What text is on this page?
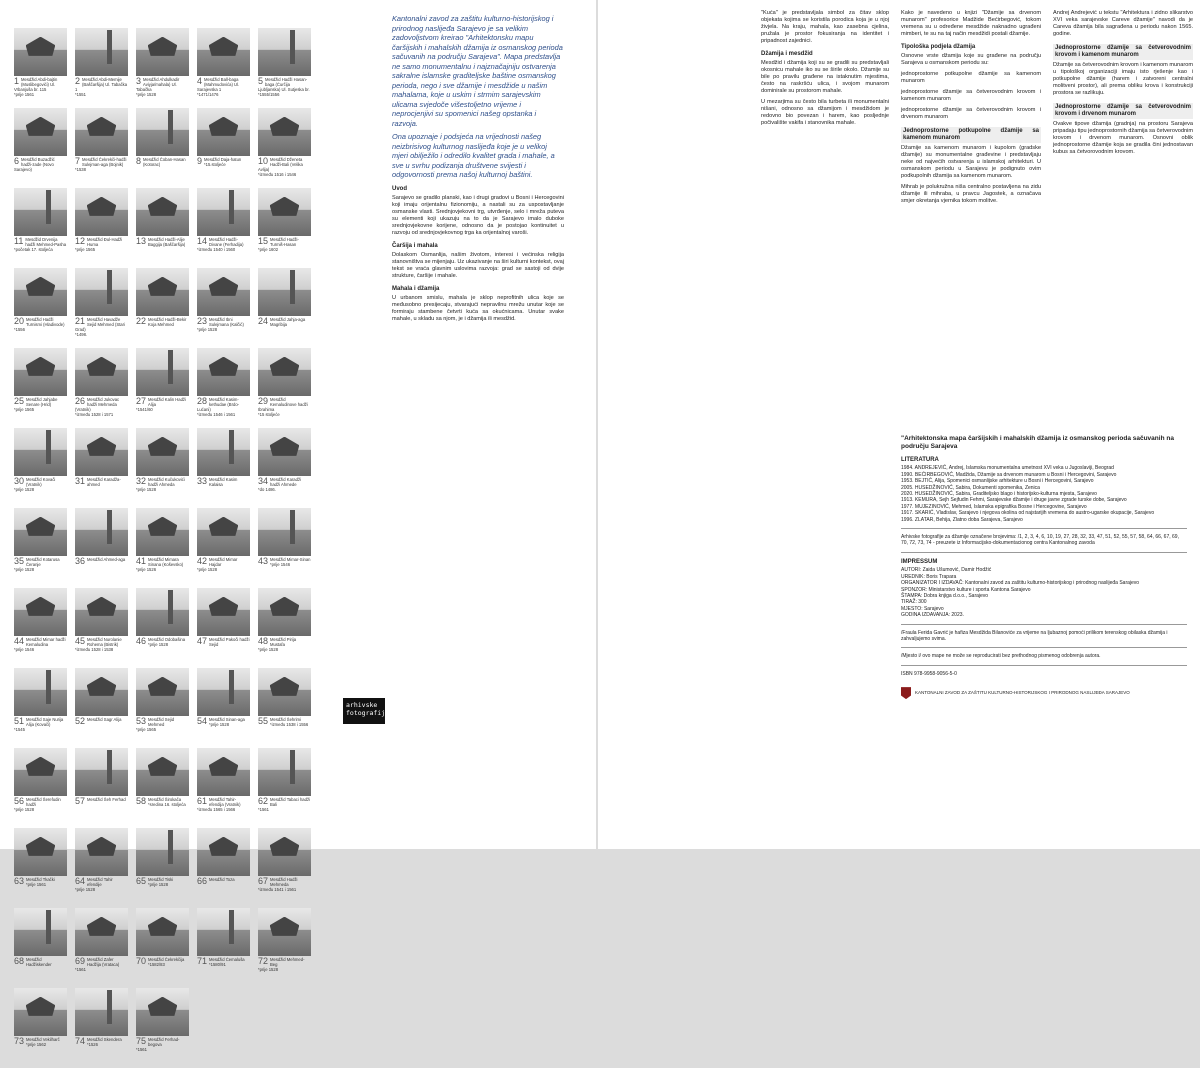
1 Mesdžid Abdi-bajtin (Muslibegovići) Ul. Vrbanjuša br. 115
*prije 1561
2 Mesdžid Abdi-Memije (Baščaršija) Ul. Tabačka 1
*1551
3 Mesdžid Ahdulkadir Aviyja/mahala) Ul. Tabačka
*prije 1528
4 Mesdžid Ball-baga (Mahmudovića) Ul. Sarajevska 1
*1471/1476
5 Mesdžid Hadži Hasan-baga (Ćurčija Ljubljanska) Ul. Sutjeska br.
*1555/1556
6 Mesdžid Buzadžić hadži-zade (Novo Sarajevo)
7 Mesdžid Čekrekči-hadži Sulejman-aga (Bojnik)
*1538
8 Mesdžid Čoban-Hasan (Kotorac)	9 Mesdžid Daja-hatun
*15.stoljeće	10 Mesdžid Dženeta Hadži-Bali (Velika Avlija)
*između 1516 i 1546
11 Mesdžid Drvenija hadži Mehmed-Pasha
*početak 17. stoljeća
12 Mesdžid Đul-Hadži Huma
*prije 1565
13 Mesdžid Hadži-Alije Baggija (Baščaršija)	14 Mesdžid Hadži-Divane (Ferhadija)
*između 1540 i 1560
15 Mesdžid Hadži-Turmiš-Hasan
*prije 1602
20 Mesdžid Hadži Turnismi (Hladivode)
*1556
21 Mesdžid Havadže Sejid Mehmed (Stari Grad)
*1498.
22 Mesdžid Hadži-Bekir Koja Mehmed	23 Mesdžid Ibni Sulejmana (Kalčić)
*prije 1528
24 Mesdžid Jahja-aga Magribija
25 Mesdžid Jahjabe Senare (Hrid)
*prije 1565
26 Mesdžid Jukovac hadži Mehmeda (Vratnik)
*između 1528 i 1571
27 Mesdžid Kalin Hadži Alija
*1541/60
28 Mesdžid Kasim-kethudae (Brdo-Lućani)
*između 1546 i 1561
29 Mesdžid Kemaludinove hadži Ibrahima
*15 stoljeće
30 Mesdžid Kovači (Vratnik)
*prije 1528
31 Mesdžid Karadža-ahmed	32 Mesdžid Kučukovići hadži Ahmeda
*prije 1528
33 Mesdžid Kasim Kalaisa	34 Mesdžid Karadži hadži Ahmede
*do 1486.
35 Mesdžid Kotarusa Čeranje
*prije 1528
36 Mesdžid Ahmed-aga	41 Mesdžid Mimara Sinana (Koševsko)
*prije 1526
42 Mesdžid Mimar Hajdar
*prije 1528
43 Mesdžid Mimar-Sinan
*prije 1546
44 Mesdžid Mimar hadži Kemaludina
*prije 1546
45 Mesdžid Nurolanie Rohema (Bistrik)
*između 1528 i 1538
46 Mesdžid Odobašina
*prije 1528	47 Mesdžid Pakoči hadži Sejid	48 Mesdžid Pirija Mustafa
*prije 1528
51 Mesdžid Saje Nurija Alija (Kovači)
*1545
52 Mesdžid Sagr Alija	53 Mesdžid Sejid Mehmed
*prije 1565
54 Mesdžid Sinan-aga
*prije 1528	55 Mesdžid Šehrimi
*između 1538 i 1556
56 Mesdžid Šerefudin hadži
*prije 1528
57 Mesdžid Šeh Ferhad 58 Mesdžid Širokača
*sredina 16. stoljeća	61 Mesdžid Tahir-efendija (Vratnik)
*između 1565 i 1566
62 Mesdžid Tabaci hadži Bali
*1561
63 Mesdžid Tkački
*prije 1561	64 Mesdžid Tahir efendije
*prije 1528
65 Mesdžid Tiski
*prije 1528	66 Mesdžid Toza	67 Mesdžid Hadži Mehmeda
*između 1541 i 1561
68 Mesdžid Hadžiskender	69 Mesdžid Zafer Hadžija (Vrataca)
*1561
70 Mesdžid Čekrekčija
*1582/83	71 Mesdžid Ćemaluša
*1580/91	72 Mesdžid Mehmed-Beg
*prije 1528
73 Mesdžid Vekilharč
*prije 1562	74 Mesdžid Skendera
*1526	75 Mesdžid Ferhad-begova
*1561

Kantonalni zavod za zaštitu kulturno-historijskog i prirodnog naslijeđa Sarajevo je sa velikim zadovoljstvom kreirao "Arhitektonsku mapu čaršijskih i mahalskih džamija iz osmanskog perioda sačuvanih na području Sarajeva". Mapa predstavlja ne samo monumentalnu i najznačajniju ostvarenja sakralne islamske graditeljske baštine osmanskog perioda, nego i sve džamije i mesdžide u našim mahalama, koje u uskim i strmim sarajevskim ulicama svjedoče višestoljetno vrijeme i neprocjenjivi su spomenici našeg opstanka i razvoja.

Ona upoznaje i podsjeća na vrijednosti našeg neizbrisivog kulturnog naslijeđa koje je u velikoj mjeri obilježilo i odredilo kvalitet grada i mahale, a sve u svrhu podizanja društvene svijesti i odgovornosti prema našoj kulturnoj baštini.

Uvod

Sarajevo se gradilo planski, kao i drugi gradovi u Bosni i Hercegovini koji imaju orijentalnu fizionomiju, a nastali su za uspostavljanje osmanske vlasti. Srednjovjekovni trg, utvrđenje, selo i mreža puteva su elementi koji ukazuju na to da je Sarajevo imalo duboke srednjovjekovne korijene, odnosno da je postojao kontinuitet u razvoju od srednjovjekovnog trga ka orijentalnoj varoši.

Čaršija i mahala

Dolaskom Osmanlija, našim životom, interesi i većinska religija stanovništva se mijenjaju. Uz ukazivanje na širi kulturni kontekst, ovaj tekst se vraća glavnim uslovima razvoja: grad se sastoji od dvije strukture, čaršije i mahale.

Mahala i džamija

U urbanom smislu, mahala je sklop neprofitnih ulica koje se međusobno presijecaju, stvarajući nepravilnu mrežu unutar koje se formiraju stambene četvrti kuća sa okućnicama. Unutar svake mahale, u skladu sa njom, je i džamija ili mesdžid.

arhivske fotografije

"Kuća" je predstavljala simbol za čitav sklop objekata kojima se koristila porodica koja je u njoj živjela. Na kraju, mahala, kao zasebna cjelina, pružala je prostor fokusiranja na identitet i pripadnost zajednici.

Džamija i mesdžid

Mesdžid i džamija koji su se gradili su predstavljali okosnicu mahale iko su se širile okolo. Džamije su bile po pravilu građene na istaknutim mjestima, često na raskršću ulica, i svojom munarom dominirale su prostorom mahale.

U mezarjima su često bila turbeta ili monumentalni nišani, odnosno sa džamijom i mesdžidom je redovno bio povezan i harem, kao posljednje počivalište vakifa i stanovnika mahale.

Kako je navedeno u knjizi "Džamije sa drvenom munarom" profesorice Madžide Bećirbegović, tokom vremena su u određene mesdžide naknadno ugrađeni mimberi, te su na taj način mesdžidi postali džamije.

Tipološka podjela džamija

Osnovne vrste džamija koje su građene na području Sarajeva u osmanskom periodu su:

jednoprostorne potkupolne džamije sa kamenom munarom

jednoprostorne džamije sa četverovodnim krovom i kamenom munarom

jednoprostorne džamije sa četverovodnim krovom i drvenom munarom

Jednoprostorne potkupolne džamije sa kamenom munarom

Džamije sa kamenom munarom i kupolom (gradske džamije) su monumentalne građevine i predstavljaju neke od najvećih ostvarenja u islamskoj arhitekturi. U osmanskom periodu u Sarajevu je podignuto ovim podkupolnih džamija sa kamenom munarom.

Mihrab je polukružna niša centralno postavljena na zidu džamije ili mihraba, u pravcu Jagostek, a označava smjer okretanja vjernika tokom molitve.

Andrej Andrejević u tekstu "Arhitektura i zidno slikarstvo XVI veka sarajevske Careve džamije" navodi da je Careva džamija bila sagrađena u periodu nakon 1565. godine.

Jednoprostorne džamije sa četverovodnim krovom i kamenom munarom

Džamije sa četverovodnim krovom i kamenom munarom u tipološkoj organizaciji imaju isto rješenje kao i potkupolne džamije (harem i zatvoreni centralni molitveni prostor), ali prema obliku krova i konstrukciji prostora se razlikuju.

Jednoprostorne džamije sa četverovodnim krovom i drvenom munarom

Ovakve tipove džamija (gradnja) na prostoru Sarajeva pripadaju tipu jednoprostornih džamija sa četverovodnim krovom i drvenom munarom. Osnovni oblik jednoprostorne džamije koja se gradila čini jednostavan kubus sa četvorovodnim krovom.

"Arhitektonska mapa čaršijskih i mahalskih džamija iz osmanskog perioda sačuvanih na području Sarajeva
LITERATURA

1984. ANDREJEVIĆ, Andrej, Islamska monumentalna umetnost XVI veka u Jugoslaviji, Beograd

1990. BEĆIRBEGOVIĆ, Madžida, Džamije sa drvenom munarom u Bosni i Hercegovini, Sarajevo

1953. BEJTIĆ, Alija, Spomenici osmanlijske arhitekture u Bosni i Hercegovini, Sarajevo

2005. HUSEDŽINOVIĆ, Sabira, Dokumenti spomenika, Zenica

2020. HUSEDŽINOVIĆ, Sabira, Graditeljsko blago i historijsko-kulturna mjesta, Sarajevo

1913. KEMURA, Sejh Sejfudin Fehmi, Sarajevske džamije i druge javne zgrade turske dobe, Sarajevo

1977. MUJEZINOVIĆ, Mehmed, Islamska epigrafika Bosne i Hercegovine, Sarajevo

1917. SKARIĆ, Vladislav, Sarajevo i njegova okolina od najstarijih vremena do austro-ugarske okupacije, Sarajevo

1996. ZLATAR, Behija, Zlatno doba Sarajeva, Sarajevo

Arhivske fotografije za džamije označene brojevima: /1, 2, 3, 4, 6, 10, 19, 27, 28, 32, 33, 47, 51, 52, 55, 57, 58, 64, 66, 67, 69, 70, 72, 73, 74 - preuzete iz Informacijsko-dokumentacionog centra Kantonalnog zavoda

IMPRESSUM

AUTORI: Zaida Ušumović, Damir Hodžić

UREDNIK: Boris Trapara

ORGANIZATOR I IZDAVAČ: Kantonalni zavod za zaštitu kulturno-historijskog i prirodnog naslijeđa Sarajevo

SPONZOR: Ministarstvo kulture i sporta Kantona Sarajevo

ŠTAMPA: Dobra knjiga d.o.o., Sarajevo

TIRAŽ: 300

MJESTO: Sarajevo

GODINA IZDAVANJA: 2023.

/Fraula Ferida Gavrić je hafiza Mesdžida Bilanoviće za vrijeme na ljubaznoj pomoći prilikom terenskog obilaska džamija i zahvaljujemo svima.

/Mjesto i/ ovo mape ne može se reproducirati bez prethodnog pismenog odobrenja autora.

ISBN 978-9958-9056-5-0

KANTONALNI ZAVOD ZA ZAŠTITU KULTURNO-HISTORIJSKOG I PRIRODNOG NASLIJEĐA SARAJEVO
